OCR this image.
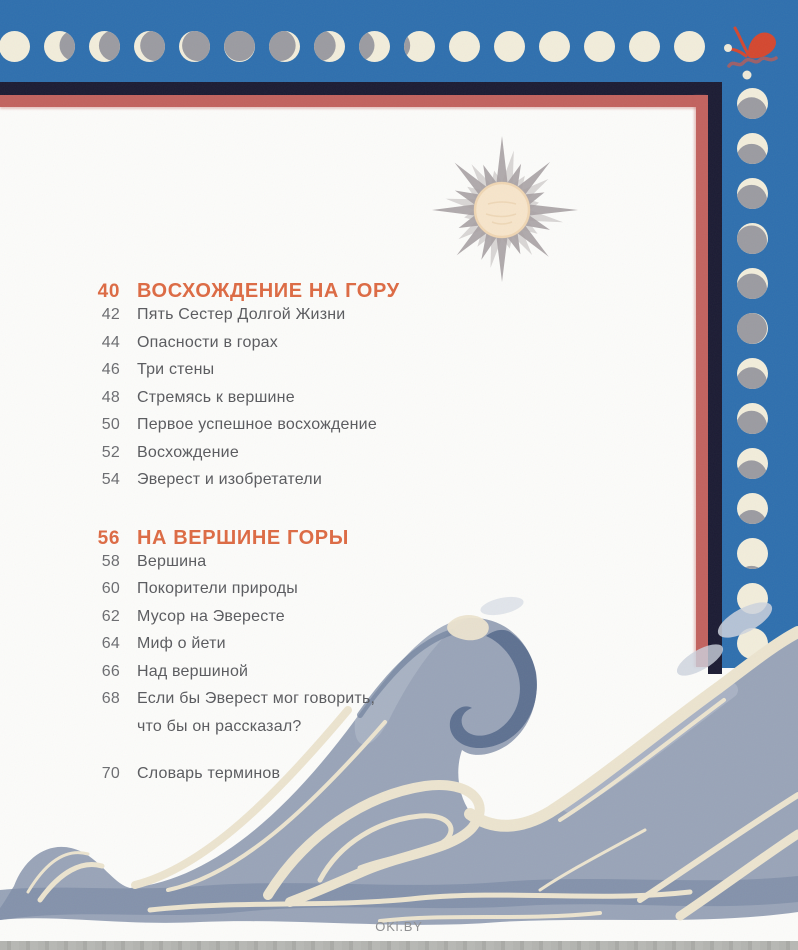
40 ВОСХОЖДЕНИЕ НА ГОРУ
42 Пять Сестер Долгой Жизни
44 Опасности в горах
46 Три стены
48 Стремясь к вершине
50 Первое успешное восхождение
52 Восхождение
54 Эверест и изобретатели
56 НА ВЕРШИНЕ ГОРЫ
58 Вершина
60 Покорители природы
62 Мусор на Эвересте
64 Миф о йети
66 Над вершиной
68 Если бы Эверест мог говорить,
что бы он рассказал?
70 Словарь терминов
OKi.BY
